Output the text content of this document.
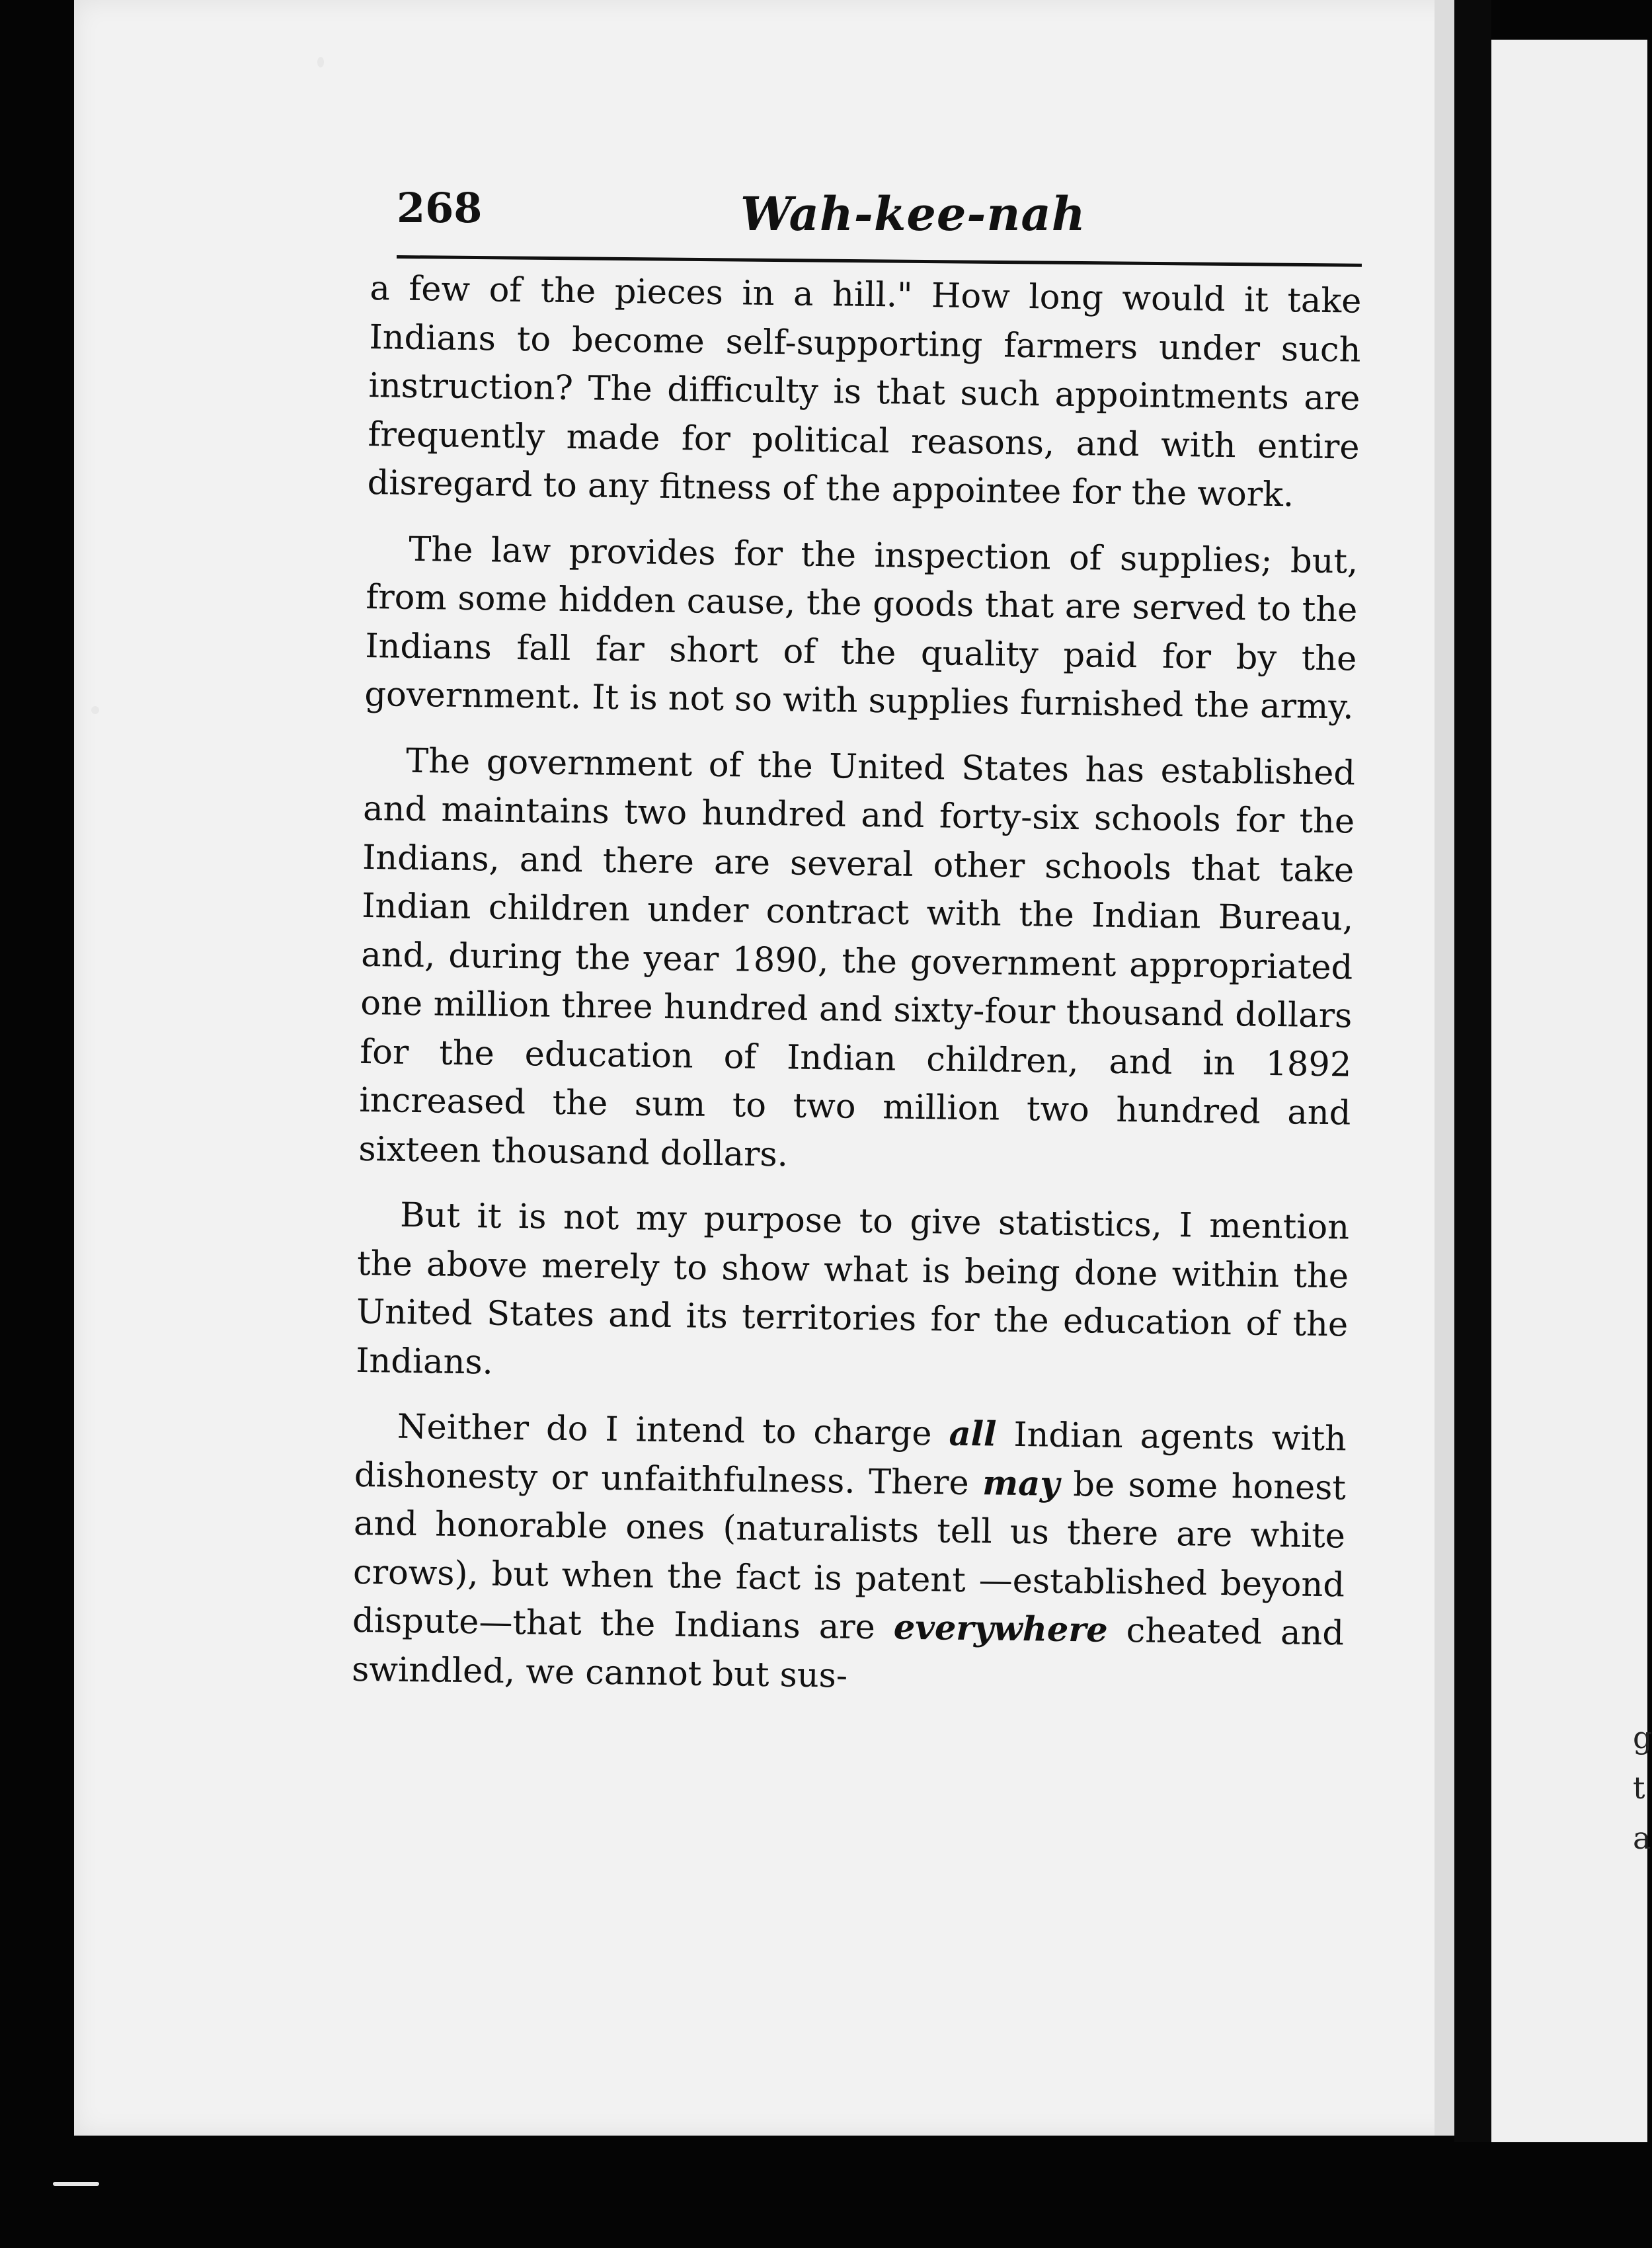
g
t
a
268	Wah-kee-nah

a few of the pieces in a hill." How long would it take Indians to become self-supporting farmers under such instruction? The difficulty is that such appointments are frequently made for political reasons, and with entire disregard to any fitness of the appointee for the work.

The law provides for the inspection of supplies; but, from some hidden cause, the goods that are served to the Indians fall far short of the quality paid for by the government. It is not so with supplies furnished the army.

The government of the United States has established and maintains two hundred and forty-six schools for the Indians, and there are several other schools that take Indian children under contract with the Indian Bureau, and, during the year 1890, the government appropriated one million three hundred and sixty-four thousand dollars for the education of Indian children, and in 1892 increased the sum to two million two hundred and sixteen thousand dollars.

But it is not my purpose to give statistics, I mention the above merely to show what is being done within the United States and its territories for the education of the Indians.

Neither do I intend to charge all Indian agents with dishonesty or unfaithfulness. There may be some honest and honorable ones (naturalists tell us there are white crows), but when the fact is patent —established beyond dispute—that the Indians are everywhere cheated and swindled, we cannot but sus-
